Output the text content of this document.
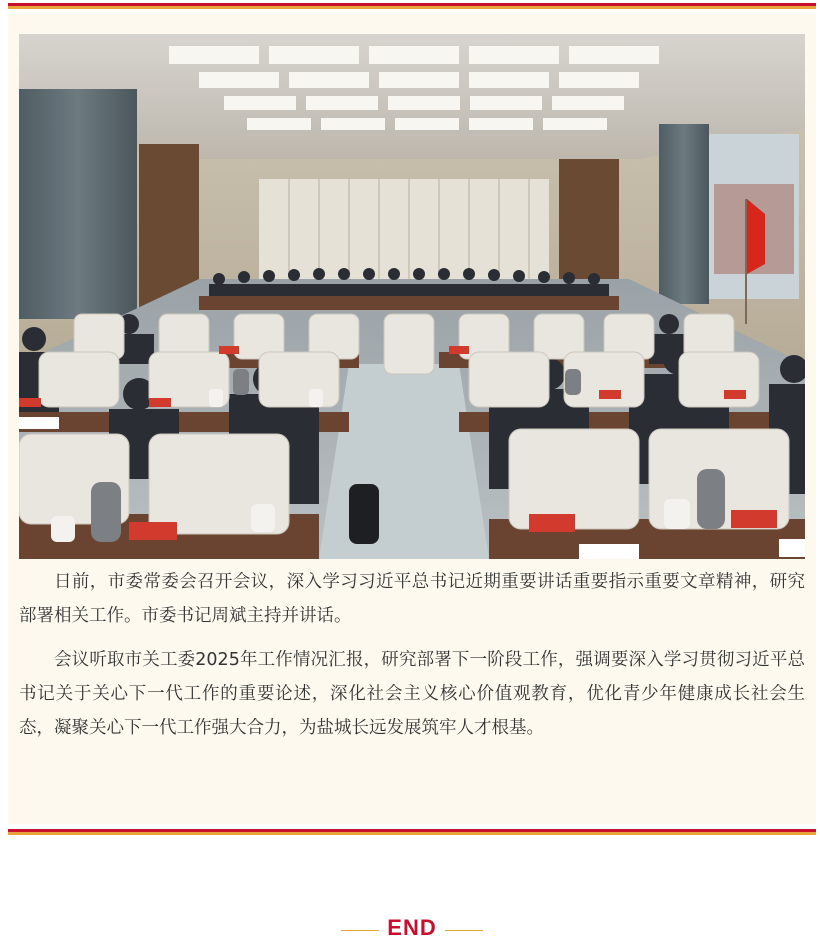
日前，市委常委会召开会议，深入学习习近平总书记近期重要讲话重要指示重要文章精神，研究部署相关工作。市委书记周斌主持并讲话。

会议听取市关工委2025年工作情况汇报，研究部署下一阶段工作，强调要深入学习贯彻习近平总书记关于关心下一代工作的重要论述，深化社会主义核心价值观教育，优化青少年健康成长社会生态，凝聚关心下一代工作强大合力，为盐城长远发展筑牢人才根基。

END
